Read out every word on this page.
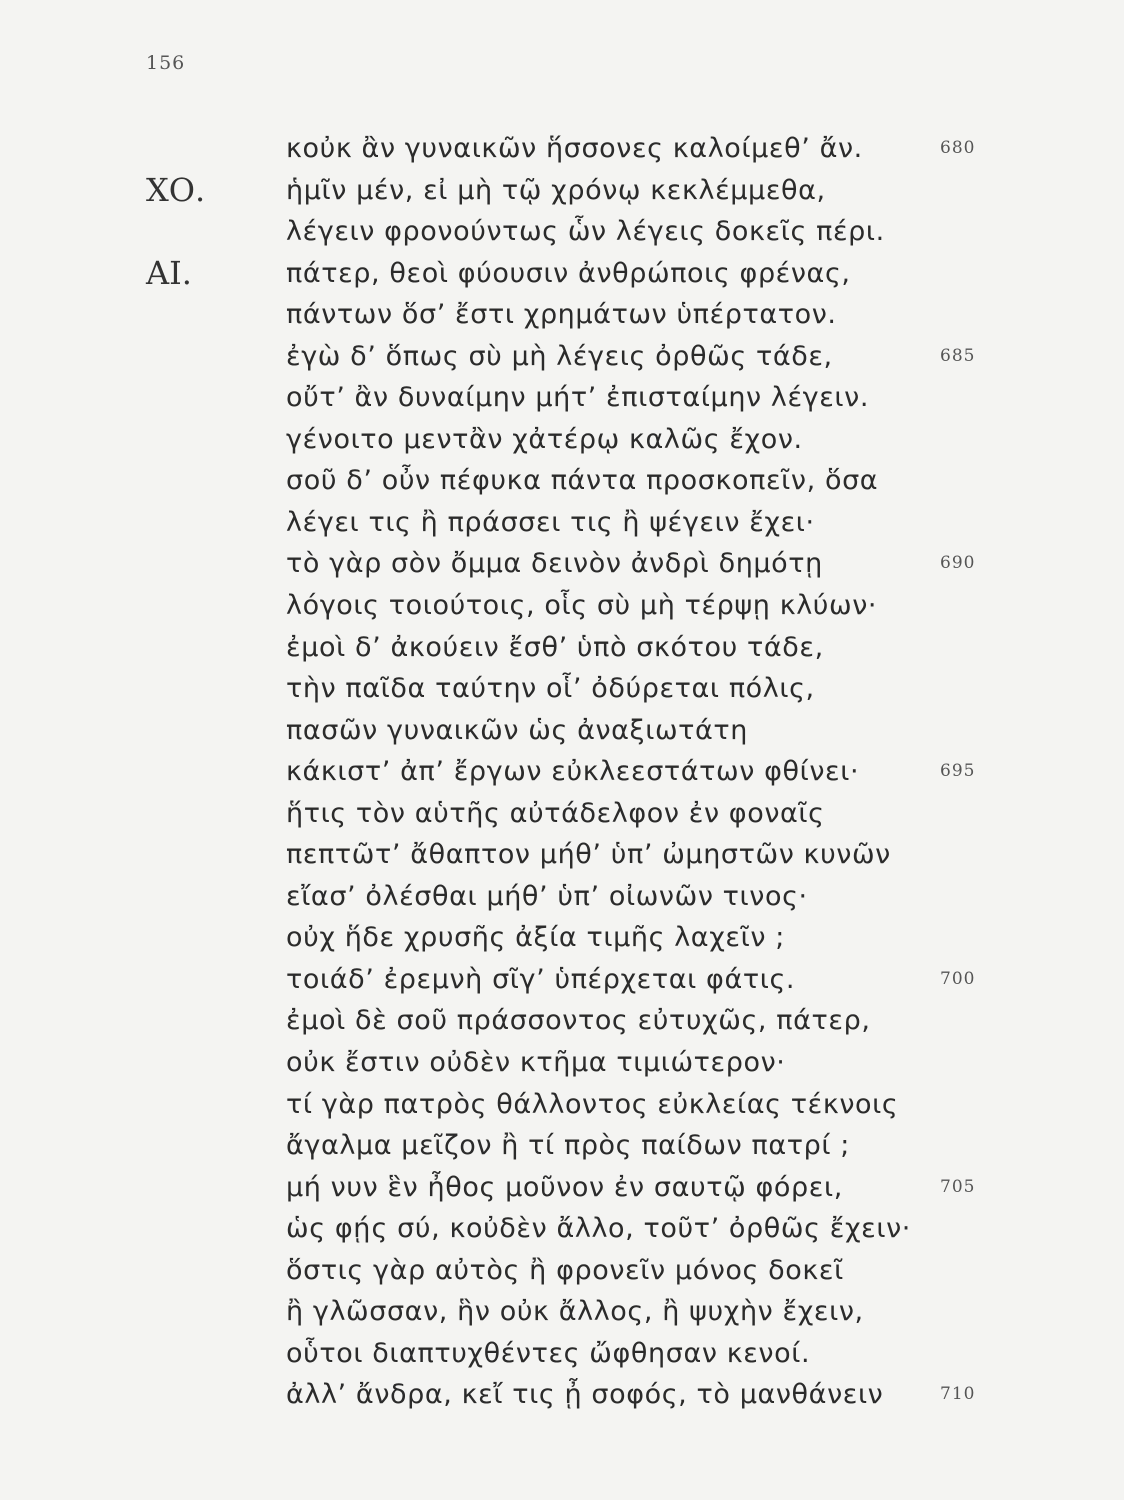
156
κοὐκ ἂν γυναικῶν ἥσσονες καλοίμεθ’ ἄν.	680
ΧΟ.	ἡμῖν μέν, εἰ μὴ τῷ χρόνῳ κεκλέμμεθα,
λέγειν φρονούντως ὧν λέγεις δοκεῖς πέρι.
ΑΙ.	πάτερ, θεοὶ φύουσιν ἀνθρώποις φρένας,
πάντων ὅσ’ ἔστι χρημάτων ὑπέρτατον.
ἐγὼ δ’ ὅπως σὺ μὴ λέγεις ὀρθῶς τάδε,	685
οὔτ’ ἂν δυναίμην μήτ’ ἐπισταίμην λέγειν.
γένοιτο μεντἂν χἀτέρῳ καλῶς ἔχον.
σοῦ δ’ οὖν πέφυκα πάντα προσκοπεῖν, ὅσα
λέγει τις ἢ πράσσει τις ἢ ψέγειν ἔχει·
τὸ γὰρ σὸν ὄμμα δεινὸν ἀνδρὶ δημότῃ	690
λόγοις τοιούτοις, οἷς σὺ μὴ τέρψῃ κλύων·
ἐμοὶ δ’ ἀκούειν ἔσθ’ ὑπὸ σκότου τάδε,
τὴν παῖδα ταύτην οἷ’ ὀδύρεται πόλις,
πασῶν γυναικῶν ὡς ἀναξιωτάτη
κάκιστ’ ἀπ’ ἔργων εὐκλεεστάτων φθίνει·	695
ἥτις τὸν αὑτῆς αὐτάδελφον ἐν φοναῖς
πεπτῶτ’ ἄθαπτον μήθ’ ὑπ’ ὠμηστῶν κυνῶν
εἴασ’ ὀλέσθαι μήθ’ ὑπ’ οἰωνῶν τινος·
οὐχ ἥδε χρυσῆς ἀξία τιμῆς λαχεῖν ;
τοιάδ’ ἐρεμνὴ σῖγ’ ὑπέρχεται φάτις.	700
ἐμοὶ δὲ σοῦ πράσσοντος εὐτυχῶς, πάτερ,
οὐκ ἔστιν οὐδὲν κτῆμα τιμιώτερον·
τί γὰρ πατρὸς θάλλοντος εὐκλείας τέκνοις
ἄγαλμα μεῖζον ἢ τί πρὸς παίδων πατρί ;
μή νυν ἓν ἦθος μοῦνον ἐν σαυτῷ φόρει,	705
ὡς φῄς σύ, κοὐδὲν ἄλλο, τοῦτ’ ὀρθῶς ἔχειν·
ὅστις γὰρ αὐτὸς ἢ φρονεῖν μόνος δοκεῖ
ἢ γλῶσσαν, ἣν οὐκ ἄλλος, ἢ ψυχὴν ἔχειν,
οὗτοι διαπτυχθέντες ὤφθησαν κενοί.
ἀλλ’ ἄνδρα, κεἴ τις ᾖ σοφός, τὸ μανθάνειν	710
